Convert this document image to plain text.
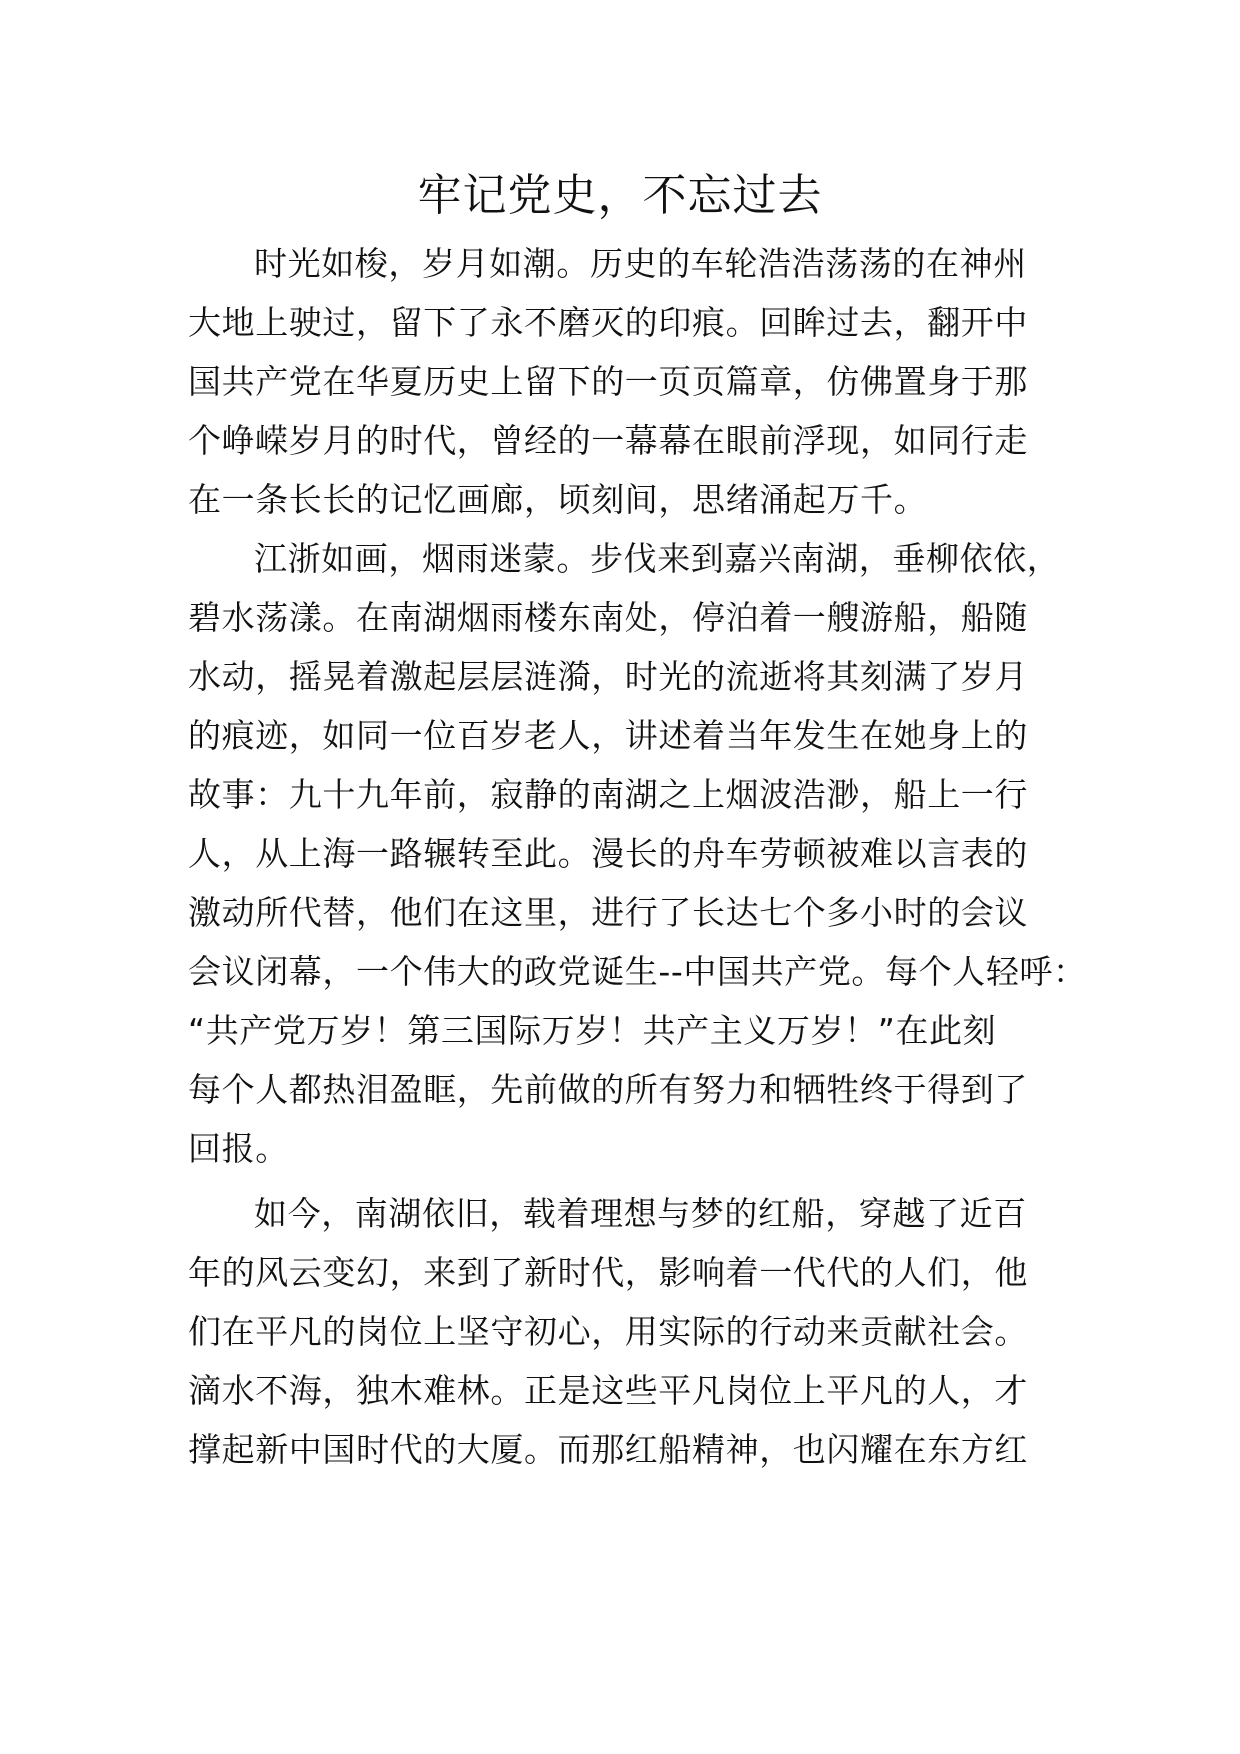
牢记党史，不忘过去
时光如梭，岁月如潮。历史的车轮浩浩荡荡的在神州
大地上驶过，留下了永不磨灭的印痕。回眸过去，翻开中
国共产党在华夏历史上留下的一页页篇章，仿佛置身于那
个峥嵘岁月的时代，曾经的一幕幕在眼前浮现，如同行走
在一条长长的记忆画廊，顷刻间，思绪涌起万千。
江浙如画，烟雨迷蒙。步伐来到嘉兴南湖，垂柳依依，
碧水荡漾。在南湖烟雨楼东南处，停泊着一艘游船，船随
水动，摇晃着激起层层涟漪，时光的流逝将其刻满了岁月
的痕迹，如同一位百岁老人，讲述着当年发生在她身上的
故事：九十九年前，寂静的南湖之上烟波浩渺，船上一行
人，从上海一路辗转至此。漫长的舟车劳顿被难以言表的
激动所代替，他们在这里，进行了长达七个多小时的会议
会议闭幕，一个伟大的政党诞生--中国共产党。每个人轻呼：
“共产党万岁！第三国际万岁！共产主义万岁！”在此刻
每个人都热泪盈眶，先前做的所有努力和牺牲终于得到了
回报。
如今，南湖依旧，载着理想与梦的红船，穿越了近百
年的风云变幻，来到了新时代，影响着一代代的人们，他
们在平凡的岗位上坚守初心，用实际的行动来贡献社会。
滴水不海，独木难林。正是这些平凡岗位上平凡的人，才
撑起新中国时代的大厦。而那红船精神，也闪耀在东方红
